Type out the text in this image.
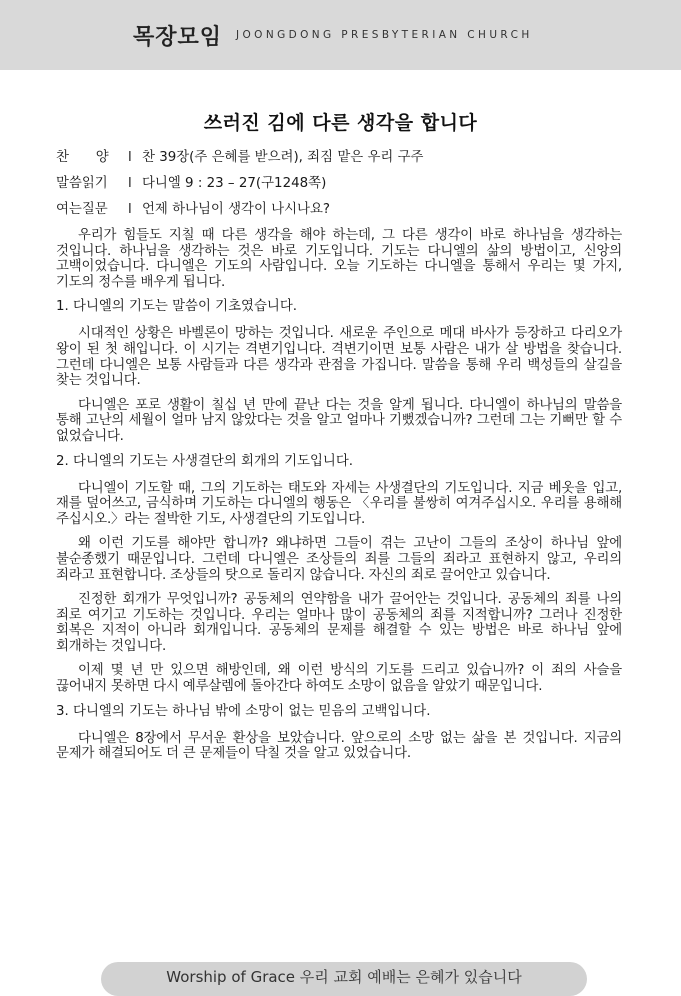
목장모임 JOONGDONG PRESBYTERIAN CHURCH
쓰러진 김에 다른 생각을 합니다
찬　　양	l 찬 39장(주 은혜를 받으려), 죄짐 맡은 우리 구주
말씀읽기	l 다니엘 9 : 23 – 27(구1248쪽)
여는질문	l 언제 하나님이 생각이 나시나요?

우리가 힘들도 지칠 때 다른 생각을 해야 하는데, 그 다른 생각이 바로 하나님을 생각하는 것입니다. 하나님을 생각하는 것은 바로 기도입니다. 기도는 다니엘의 삶의 방법이고, 신앙의 고백이었습니다. 다니엘은 기도의 사람입니다. 오늘 기도하는 다니엘을 통해서 우리는 몇 가지, 기도의 정수를 배우게 됩니다.

1. 다니엘의 기도는 말씀이 기초였습니다.

시대적인 상황은 바벨론이 망하는 것입니다. 새로운 주인으로 메대 바사가 등장하고 다리오가 왕이 된 첫 해입니다. 이 시기는 격변기입니다. 격변기이면 보통 사람은 내가 살 방법을 찾습니다. 그런데 다니엘은 보통 사람들과 다른 생각과 관점을 가집니다. 말씀을 통해 우리 백성들의 살길을 찾는 것입니다.

다니엘은 포로 생활이 칠십 년 만에 끝난 다는 것을 알게 됩니다. 다니엘이 하나님의 말씀을 통해 고난의 세월이 얼마 남지 않았다는 것을 알고 얼마나 기뻤겠습니까? 그런데 그는 기뻐만 할 수 없었습니다.

2. 다니엘의 기도는 사생결단의 회개의 기도입니다.

다니엘이 기도할 때, 그의 기도하는 태도와 자세는 사생결단의 기도입니다. 지금 베옷을 입고, 재를 덮어쓰고, 금식하며 기도하는 다니엘의 행동은 〈우리를 불쌍히 여겨주십시오. 우리를 용해해 주십시오.〉라는 절박한 기도, 사생결단의 기도입니다.

왜 이런 기도를 해야만 합니까? 왜냐하면 그들이 겪는 고난이 그들의 조상이 하나님 앞에 불순종했기 때문입니다. 그런데 다니엘은 조상들의 죄를 그들의 죄라고 표현하지 않고, 우리의 죄라고 표현합니다. 조상들의 탓으로 돌리지 않습니다. 자신의 죄로 끌어안고 있습니다.

진정한 회개가 무엇입니까? 공동체의 연약함을 내가 끌어안는 것입니다. 공동체의 죄를 나의 죄로 여기고 기도하는 것입니다. 우리는 얼마나 많이 공동체의 죄를 지적합니까? 그러나 진정한 회복은 지적이 아니라 회개입니다. 공동체의 문제를 해결할 수 있는 방법은 바로 하나님 앞에 회개하는 것입니다.

이제 몇 년 만 있으면 해방인데, 왜 이런 방식의 기도를 드리고 있습니까? 이 죄의 사슬을 끊어내지 못하면 다시 예루살렘에 돌아간다 하여도 소망이 없음을 알았기 때문입니다.

3. 다니엘의 기도는 하나님 밖에 소망이 없는 믿음의 고백입니다.

다니엘은 8장에서 무서운 환상을 보았습니다. 앞으로의 소망 없는 삶을 본 것입니다. 지금의 문제가 해결되어도 더 큰 문제들이 닥칠 것을 알고 있었습니다.

Worship of Grace 우리 교회 예배는 은혜가 있습니다
